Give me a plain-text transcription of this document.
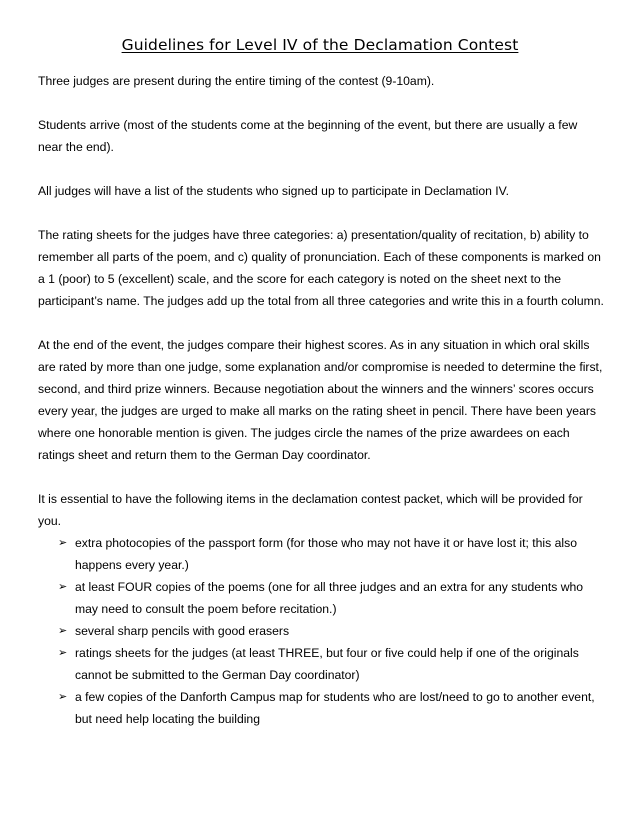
Guidelines for Level IV of the Declamation Contest

Three judges are present during the entire timing of the contest (9-10am).

Students arrive (most of the students come at the beginning of the event, but there are usually a few near the end).

All judges will have a list of the students who signed up to participate in Declamation IV.

The rating sheets for the judges have three categories: a) presentation/quality of recitation, b) ability to remember all parts of the poem, and c) quality of pronunciation. Each of these components is marked on a 1 (poor) to 5 (excellent) scale, and the score for each category is noted on the sheet next to the participant’s name. The judges add up the total from all three categories and write this in a fourth column.

At the end of the event, the judges compare their highest scores. As in any situation in which oral skills are rated by more than one judge, some explanation and/or compromise is needed to determine the first, second, and third prize winners. Because negotiation about the winners and the winners’ scores occurs every year, the judges are urged to make all marks on the rating sheet in pencil. There have been years where one honorable mention is given. The judges circle the names of the prize awardees on each ratings sheet and return them to the German Day coordinator.

It is essential to have the following items in the declamation contest packet, which will be provided for you.

➢ extra photocopies of the passport form (for those who may not have it or have lost it; this also happens every year.)
➢ at least FOUR copies of the poems (one for all three judges and an extra for any students who may need to consult the poem before recitation.)
➢ several sharp pencils with good erasers
➢ ratings sheets for the judges (at least THREE, but four or five could help if one of the originals cannot be submitted to the German Day coordinator)
➢ a few copies of the Danforth Campus map for students who are lost/need to go to another event, but need help locating the building
